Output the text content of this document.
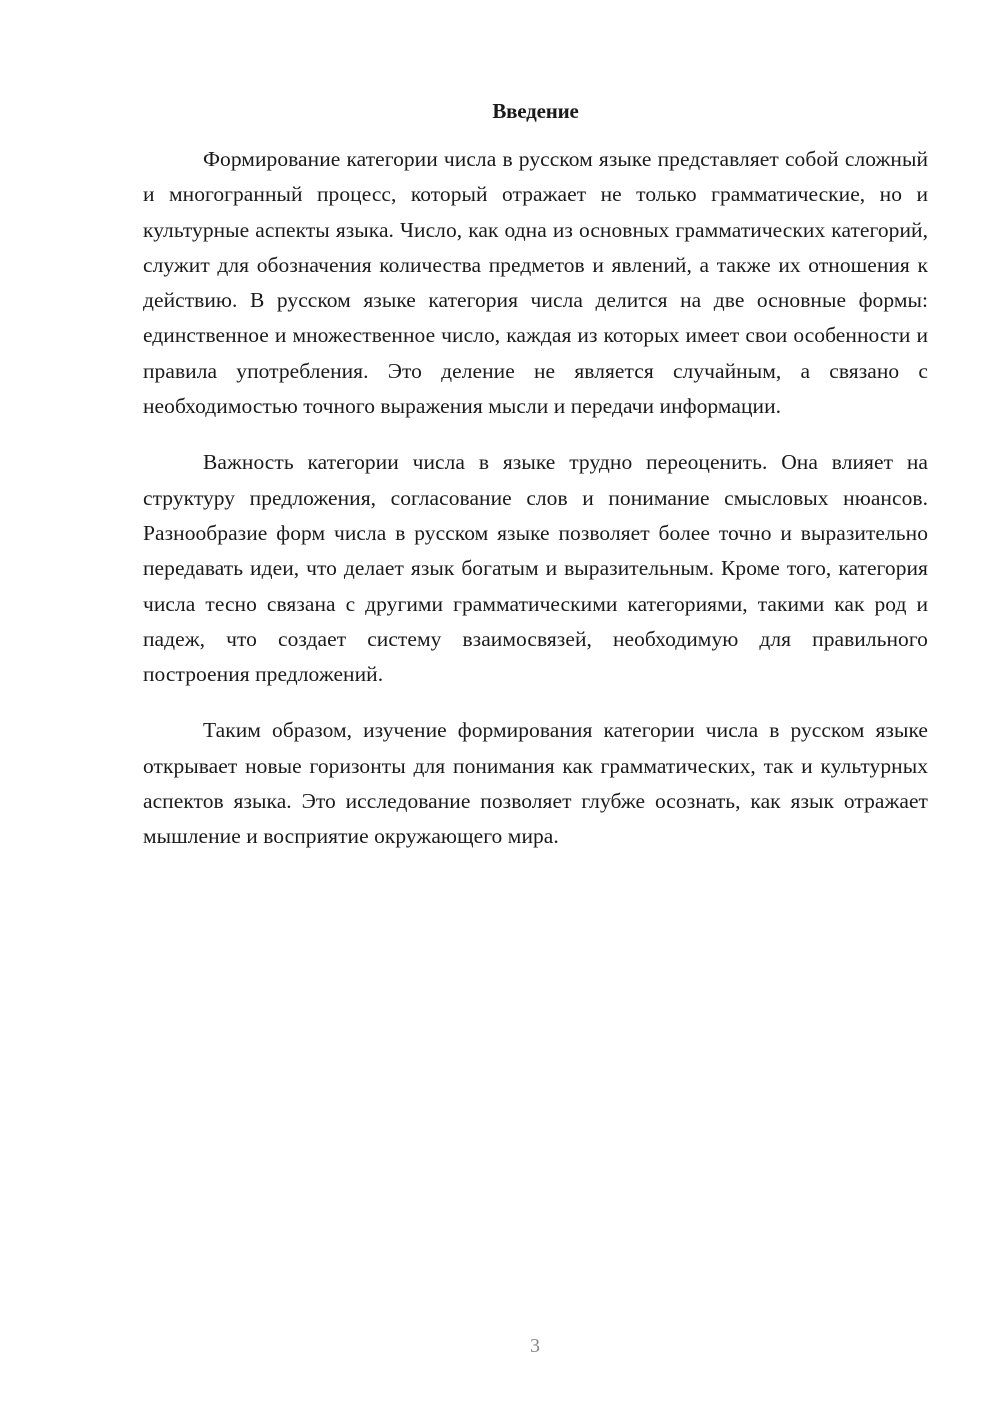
Введение

Формирование категории числа в русском языке представляет собой сложный и многогранный процесс, который отражает не только грамматические, но и культурные аспекты языка. Число, как одна из основных грамматических категорий, служит для обозначения количества предметов и явлений, а также их отношения к действию. В русском языке категория числа делится на две основные формы: единственное и множественное число, каждая из которых имеет свои особенности и правила употребления. Это деление не является случайным, а связано с необходимостью точного выражения мысли и передачи информации.

Важность категории числа в языке трудно переоценить. Она влияет на структуру предложения, согласование слов и понимание смысловых нюансов. Разнообразие форм числа в русском языке позволяет более точно и выразительно передавать идеи, что делает язык богатым и выразительным. Кроме того, категория числа тесно связана с другими грамматическими категориями, такими как род и падеж, что создает систему взаимосвязей, необходимую для правильного построения предложений.

Таким образом, изучение формирования категории числа в русском языке открывает новые горизонты для понимания как грамматических, так и культурных аспектов языка. Это исследование позволяет глубже осознать, как язык отражает мышление и восприятие окружающего мира.

3
